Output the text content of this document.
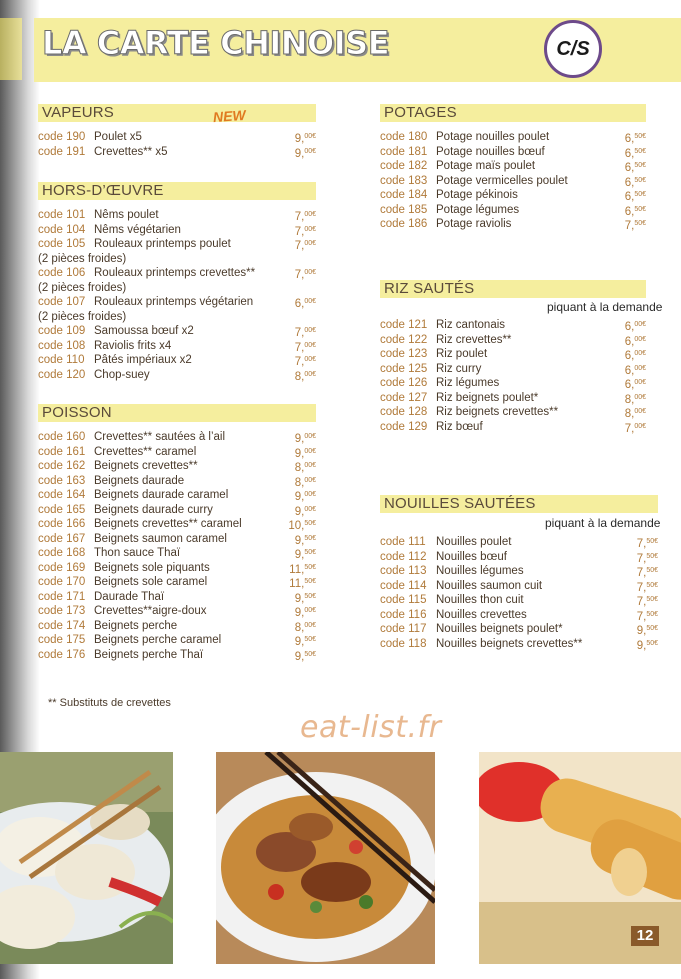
LA CARTE CHINOISE	C/S
VAPEURS
code 190 Poulet x5	9,$^{00€}$
code 191 Crevettes** x5	9,$^{00€}$
NEW
HORS-D’ŒUVRE
code 101 Nêms poulet	7,$^{00€}$
code 104 Nêms végétarien	7,$^{00€}$
code 105 Rouleaux printemps poulet	7,$^{00€}$
(2 pièces froides)
code 106 Rouleaux printemps crevettes**	7,$^{00€}$
(2 pièces froides)
code 107 Rouleaux printemps végétarien	6,$^{00€}$
(2 pièces froides)
code 109 Samoussa bœuf x2	7,$^{00€}$
code 108 Raviolis frits x4	7,$^{00€}$
code 110 Pâtés impériaux x2	7,$^{00€}$
code 120 Chop-suey	8,$^{00€}$
POISSON
code 160 Crevettes** sautées à l’ail	9,$^{00€}$
code 161 Crevettes** caramel	9,$^{00€}$
code 162 Beignets crevettes**	8,$^{00€}$
code 163 Beignets daurade	8,$^{00€}$
code 164 Beignets daurade caramel	9,$^{00€}$
code 165 Beignets daurade curry	9,$^{00€}$
code 166 Beignets crevettes** caramel	10,$^{50€}$
code 167 Beignets saumon caramel	9,$^{50€}$
code 168 Thon sauce Thaï	9,$^{50€}$
code 169 Beignets sole piquants	11,$^{50€}$
code 170 Beignets sole caramel	11,$^{50€}$
code 171 Daurade Thaï	9,$^{50€}$
code 173 Crevettes**aigre-doux	9,$^{00€}$
code 174 Beignets perche	8,$^{00€}$
code 175 Beignets perche caramel	9,$^{50€}$
code 176 Beignets perche Thaï	9,$^{50€}$
POTAGES
code 180 Potage nouilles poulet	6,$^{50€}$
code 181 Potage nouilles bœuf	6,$^{50€}$
code 182 Potage maïs poulet	6,$^{50€}$
code 183 Potage vermicelles poulet	6,$^{50€}$
code 184 Potage pékinois	6,$^{50€}$
code 185 Potage légumes	6,$^{50€}$
code 186 Potage raviolis	7,$^{50€}$
RIZ SAUTÉS
code 121 Riz cantonais	6,$^{00€}$
code 122 Riz crevettes**	6,$^{00€}$
code 123 Riz poulet	6,$^{00€}$
code 125 Riz curry	6,$^{00€}$
code 126 Riz légumes	6,$^{00€}$
code 127 Riz beignets poulet*	8,$^{00€}$
code 128 Riz beignets crevettes**	8,$^{00€}$
code 129 Riz bœuf	7,$^{00€}$
piquant à la demande
NOUILLES SAUTÉES
code 111 Nouilles poulet	7,$^{50€}$
code 112 Nouilles bœuf	7,$^{50€}$
code 113 Nouilles légumes	7,$^{50€}$
code 114 Nouilles saumon cuit	7,$^{50€}$
code 115 Nouilles thon cuit	7,$^{50€}$
code 116 Nouilles crevettes	7,$^{50€}$
code 117 Nouilles beignets poulet*	9,$^{50€}$
code 118 Nouilles beignets crevettes**	9,$^{50€}$
piquant à la demande
** Substituts de crevettes
eat-list.fr
12
